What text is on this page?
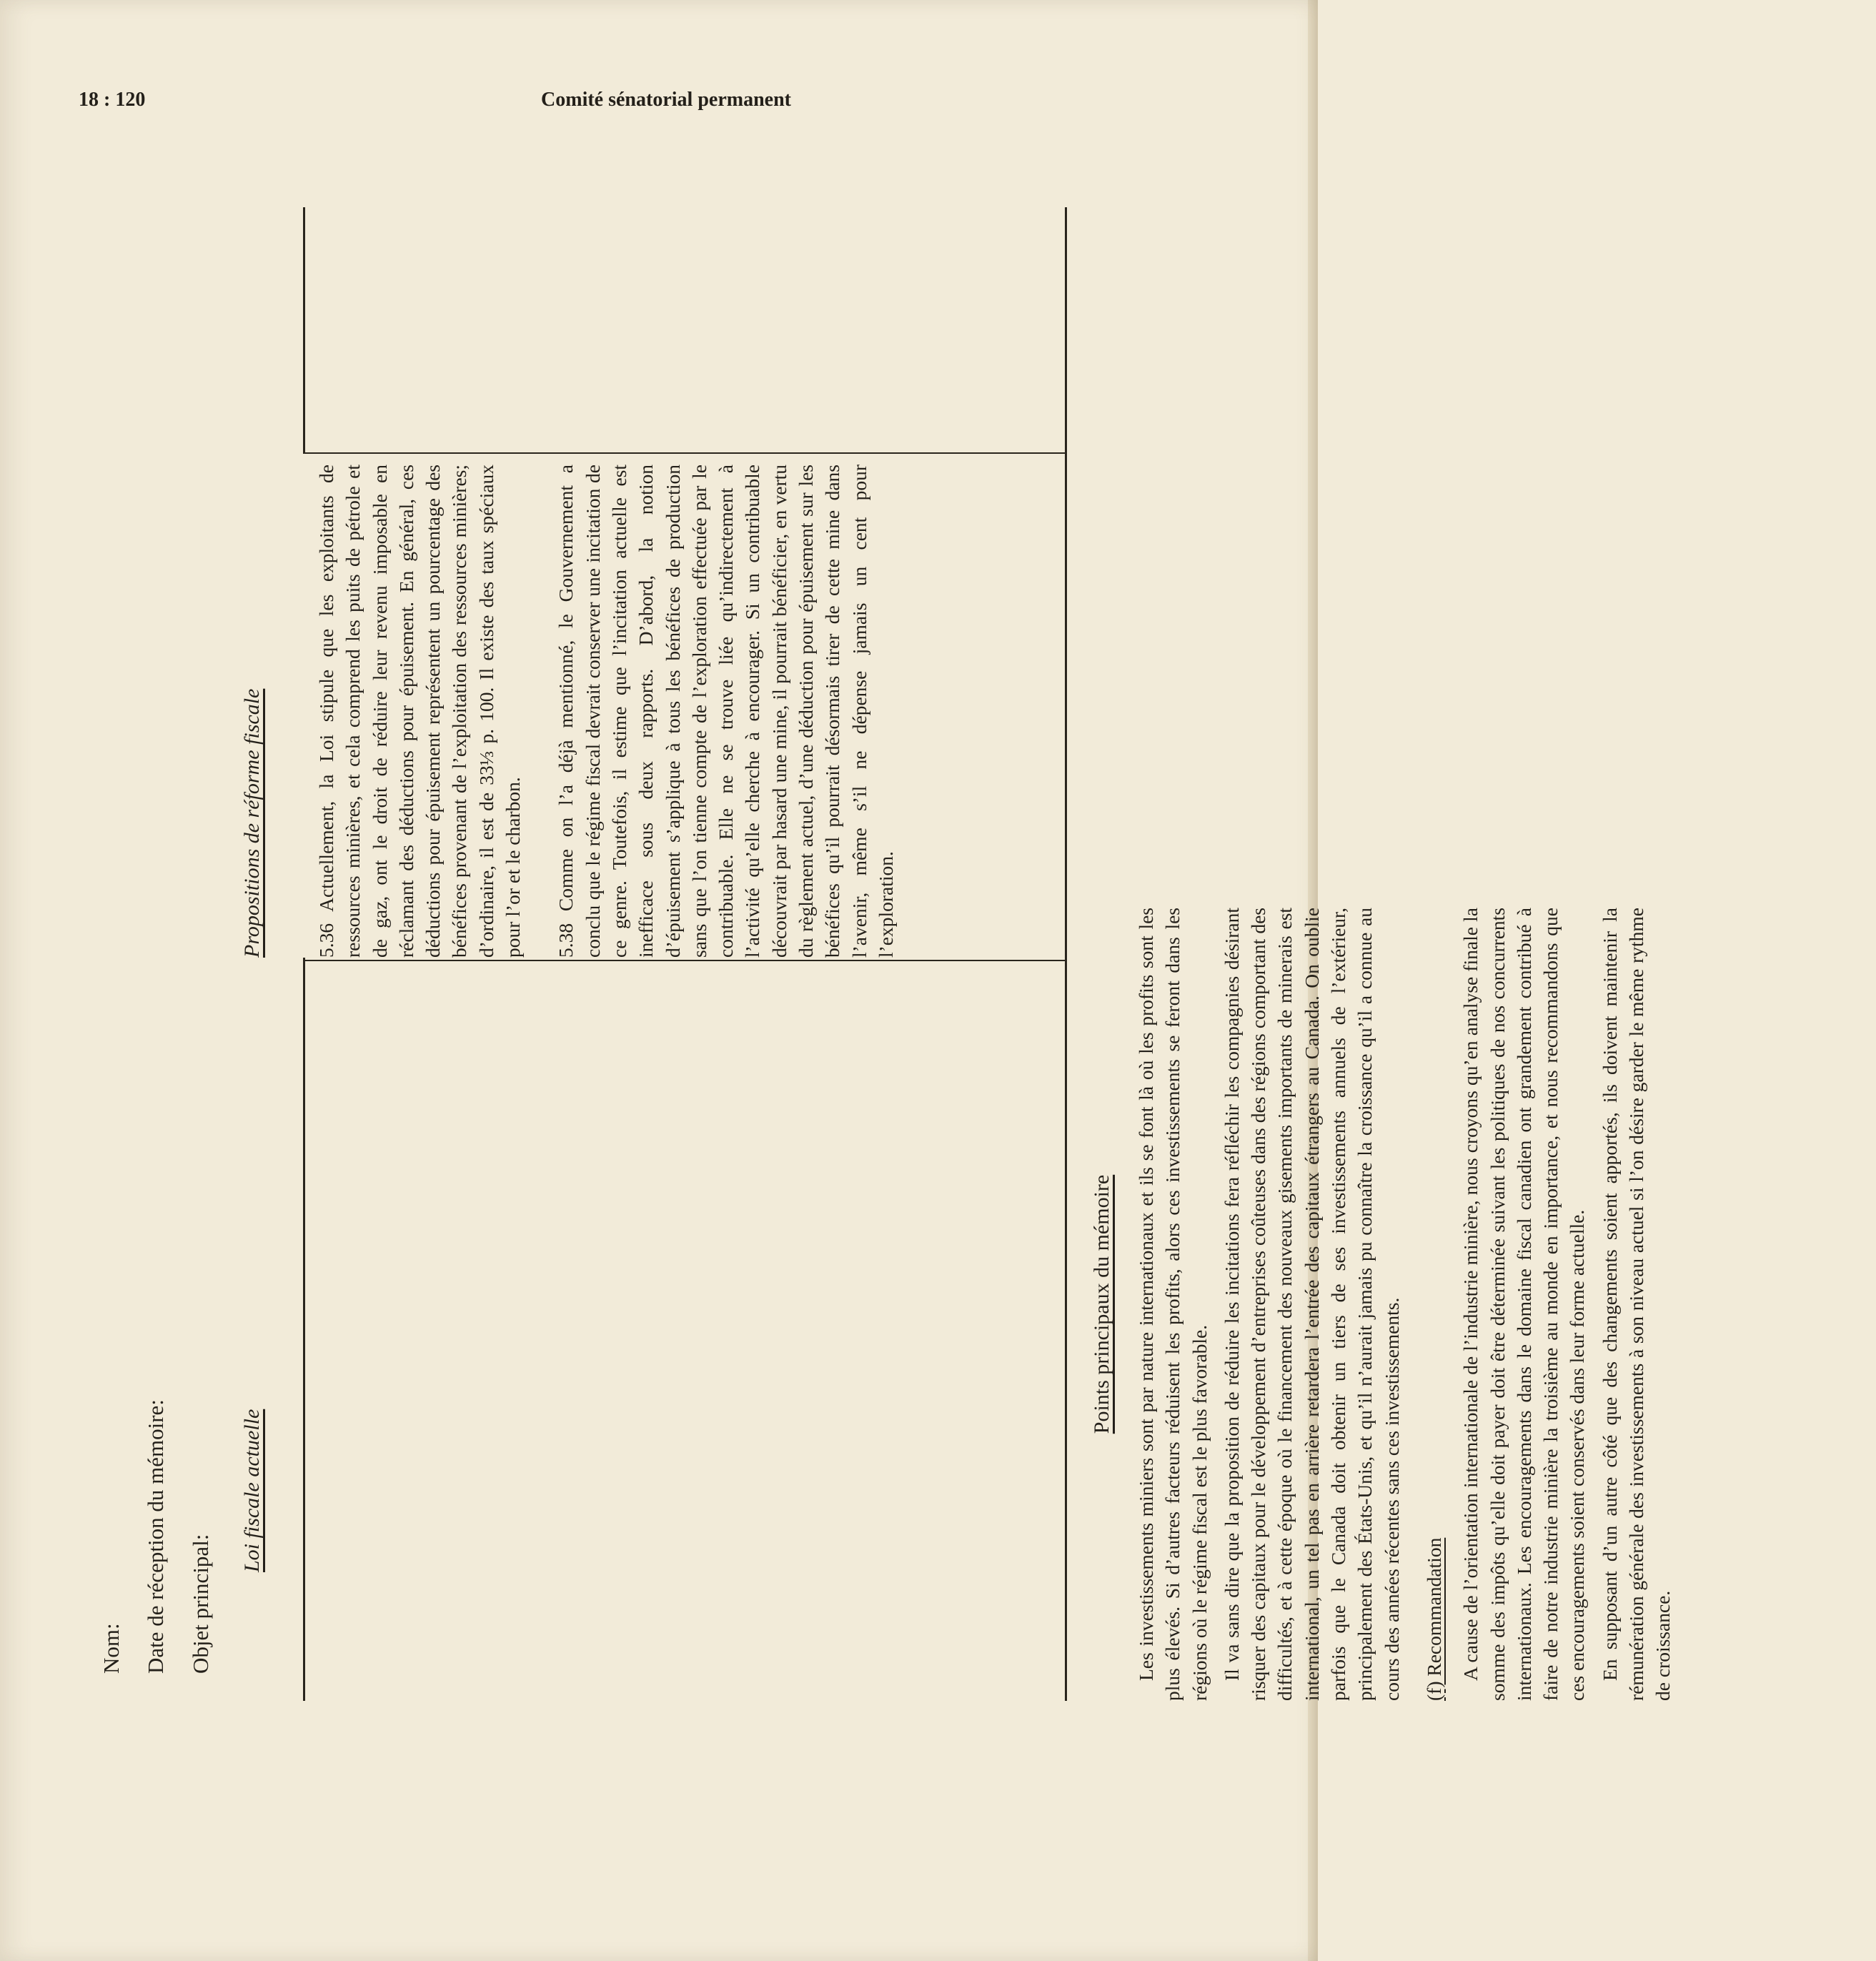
18 : 120	Comité sénatorial permanent
Nom: Date de réception du mémoire: Objet principal:
Loi fiscale actuelle
Propositions de réforme fiscale	5.36 Actuellement, la Loi stipule que les exploitants de ressources minières, et cela comprend les puits de pétrole et de gaz, ont le droit de réduire leur revenu imposable en réclamant des déductions pour épuisement. En général, ces déductions pour épuisement représentent un pourcentage des bénéfices provenant de l’exploitation des ressources minières; d’ordinaire, il est de 33⅓ p. 100. Il existe des taux spéciaux pour l’or et le charbon. 5.38 Comme on l’a déjà mentionné, le Gouvernement a conclu que le régime fiscal devrait conserver une incitation de ce genre. Toutefois, il estime que l’incitation actuelle est inefficace sous deux rapports. D’abord, la notion d’épuisement s’applique à tous les bénéfices de production sans que l’on tienne compte de l’exploration effectuée par le contribuable. Elle ne se trouve liée qu’indirectement à l’activité qu’elle cherche à encourager. Si un contribuable découvrait par hasard une mine, il pourrait bénéficier, en vertu du règlement actuel, d’une déduction pour épuisement sur les bénéfices qu’il pourrait désormais tirer de cette mine dans l’avenir, même s’il ne dépense jamais un cent pour l’exploration.

Points principaux du mémoire Les investissements miniers sont par nature internationaux et ils se font là où les profits sont les plus élevés. Si d’autres facteurs réduisent les profits, alors ces investissements se feront dans les régions où le régime fiscal est le plus favorable. Il va sans dire que la proposition de réduire les incitations fera réfléchir les compagnies désirant risquer des capitaux pour le développement d’entreprises coûteuses dans des régions comportant des difficultés, et à cette époque où le financement des nouveaux gisements importants de minerais est international, un tel pas en arrière retardera l’entrée des capitaux étrangers au Canada. On oublie parfois que le Canada doit obtenir un tiers de ses investissements annuels de l’extérieur, principalement des États-Unis, et qu’il n’aurait jamais pu connaître la croissance qu’il a connue au cours des années récentes sans ces investissements. (f) Recommandation A cause de l’orientation internationale de l’industrie minière, nous croyons qu’en analyse finale la somme des impôts qu’elle doit payer doit être déterminée suivant les politiques de nos concurrents internationaux. Les encouragements dans le domaine fiscal canadien ont grandement contribué à faire de notre industrie minière la troisième au monde en importance, et nous recommandons que ces encouragements soient conservés dans leur forme actuelle. En supposant d’un autre côté que des changements soient apportés, ils doivent maintenir la rémunération générale des investissements à son niveau actuel si l’on désire garder le même rythme de croissance.
